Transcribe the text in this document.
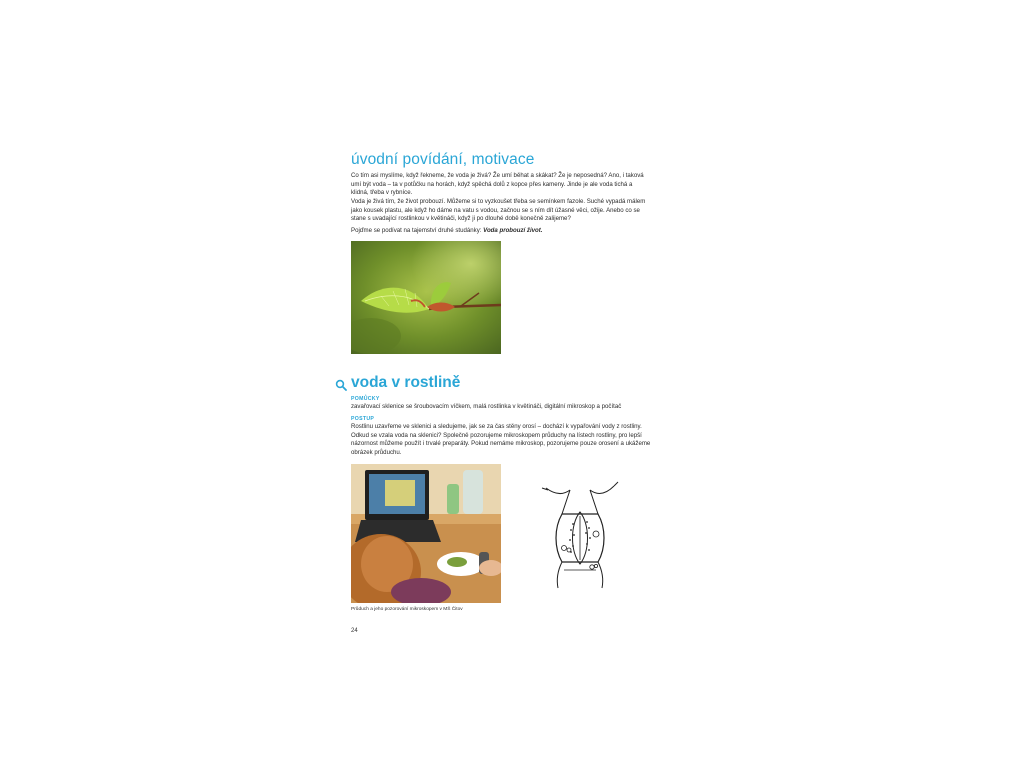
úvodní povídání, motivace

Co tím asi myslíme, když řekneme, že voda je živá? Že umí běhat a skákat? Že je neposedná? Ano, i taková umí být voda – ta v potůčku na horách, když spěchá dolů z kopce přes kameny. Jinde je ale voda tichá a klidná, třeba v rybníce.

Voda je živá tím, že život probouzí. Můžeme si to vyzkoušet třeba se semínkem fazole. Suché vypadá málem jako kousek plastu, ale když ho dáme na vatu s vodou, začnou se s ním dít úžasné věci, ožije. Anebo co se stane s uvadající rostlinkou v květináči, když ji po dlouhé době konečně zalijeme?

Pojďme se podívat na tajemství druhé studánky: Voda probouzí život.

voda v rostlině

POMŮCKY

zavařovací sklenice se šroubovacím víčkem, malá rostlinka v květináči, digitální mikroskop a počítač

POSTUP

Rostlinu uzavřeme ve sklenici a sledujeme, jak se za čas stěny orosí – dochází k vypařování vody z rostliny. Odkud se vzala voda na sklenici? Společně pozorujeme mikroskopem průduchy na lístech rostliny, pro lepší názornost můžeme použít i trvalé preparáty. Pokud nemáme mikroskop, pozorujeme pouze orosení a ukážeme obrázek průduchu.

Průduch a jeho pozorování mikroskopem v MŠ Čitov

24
